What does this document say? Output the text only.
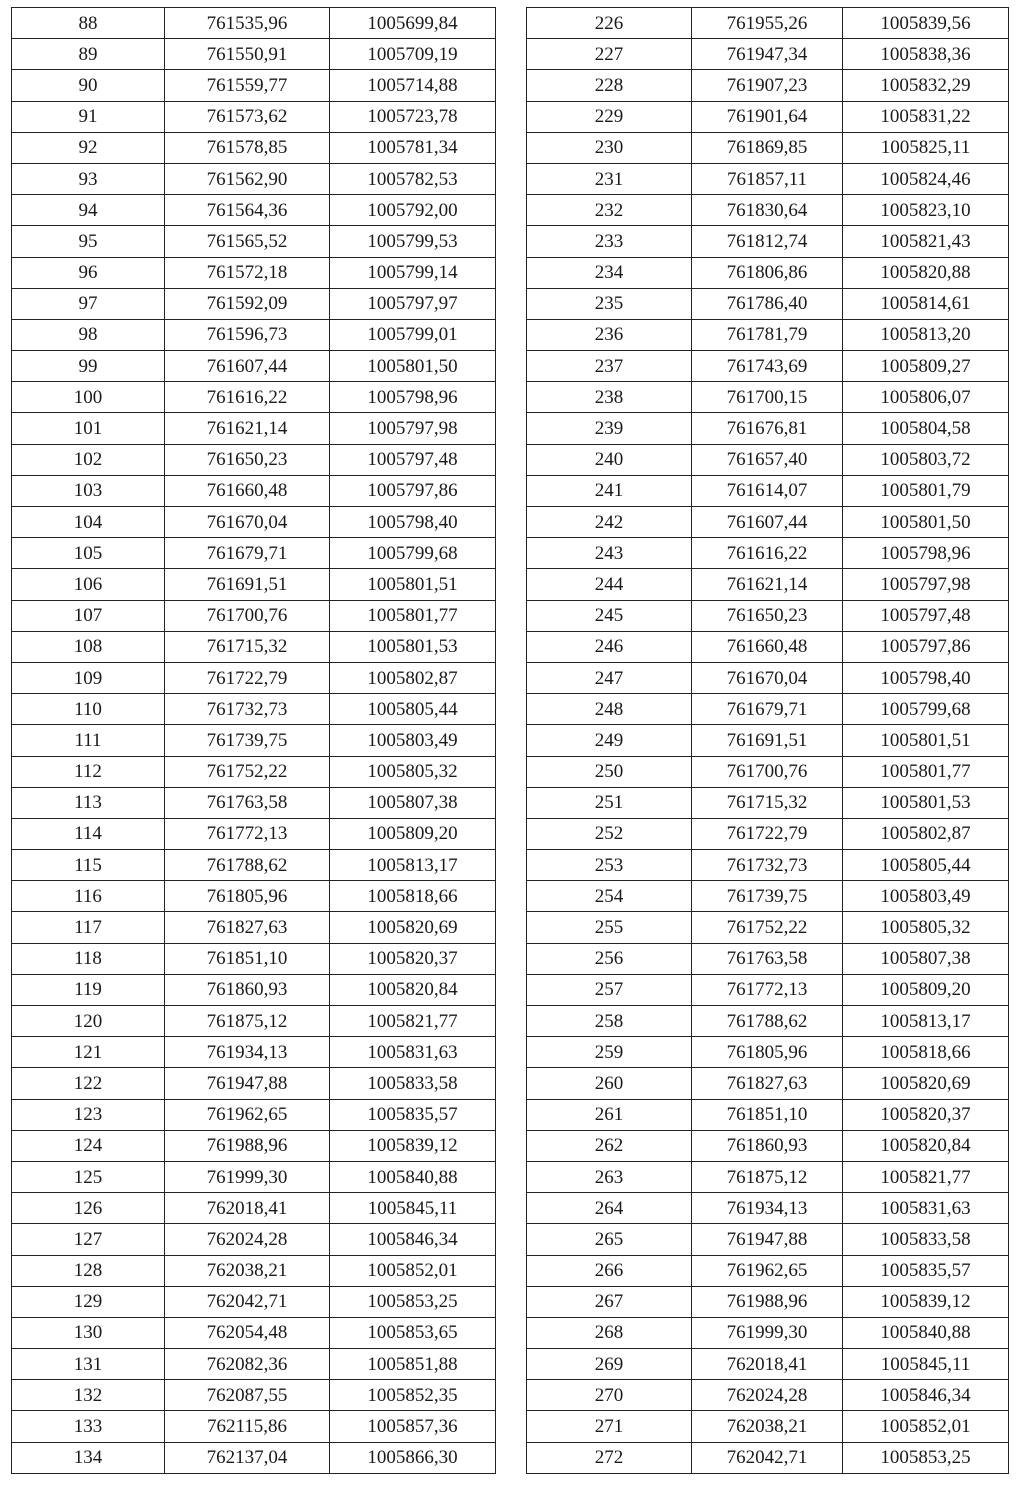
88	761535,96	1005699,84
89	761550,91	1005709,19
90	761559,77	1005714,88
91	761573,62	1005723,78
92	761578,85	1005781,34
93	761562,90	1005782,53
94	761564,36	1005792,00
95	761565,52	1005799,53
96	761572,18	1005799,14
97	761592,09	1005797,97
98	761596,73	1005799,01
99	761607,44	1005801,50
100	761616,22	1005798,96
101	761621,14	1005797,98
102	761650,23	1005797,48
103	761660,48	1005797,86
104	761670,04	1005798,40
105	761679,71	1005799,68
106	761691,51	1005801,51
107	761700,76	1005801,77
108	761715,32	1005801,53
109	761722,79	1005802,87
110	761732,73	1005805,44
111	761739,75	1005803,49
112	761752,22	1005805,32
113	761763,58	1005807,38
114	761772,13	1005809,20
115	761788,62	1005813,17
116	761805,96	1005818,66
117	761827,63	1005820,69
118	761851,10	1005820,37
119	761860,93	1005820,84
120	761875,12	1005821,77
121	761934,13	1005831,63
122	761947,88	1005833,58
123	761962,65	1005835,57
124	761988,96	1005839,12
125	761999,30	1005840,88
126	762018,41	1005845,11
127	762024,28	1005846,34
128	762038,21	1005852,01
129	762042,71	1005853,25
130	762054,48	1005853,65
131	762082,36	1005851,88
132	762087,55	1005852,35
133	762115,86	1005857,36
134	762137,04	1005866,30
226	761955,26	1005839,56
227	761947,34	1005838,36
228	761907,23	1005832,29
229	761901,64	1005831,22
230	761869,85	1005825,11
231	761857,11	1005824,46
232	761830,64	1005823,10
233	761812,74	1005821,43
234	761806,86	1005820,88
235	761786,40	1005814,61
236	761781,79	1005813,20
237	761743,69	1005809,27
238	761700,15	1005806,07
239	761676,81	1005804,58
240	761657,40	1005803,72
241	761614,07	1005801,79
242	761607,44	1005801,50
243	761616,22	1005798,96
244	761621,14	1005797,98
245	761650,23	1005797,48
246	761660,48	1005797,86
247	761670,04	1005798,40
248	761679,71	1005799,68
249	761691,51	1005801,51
250	761700,76	1005801,77
251	761715,32	1005801,53
252	761722,79	1005802,87
253	761732,73	1005805,44
254	761739,75	1005803,49
255	761752,22	1005805,32
256	761763,58	1005807,38
257	761772,13	1005809,20
258	761788,62	1005813,17
259	761805,96	1005818,66
260	761827,63	1005820,69
261	761851,10	1005820,37
262	761860,93	1005820,84
263	761875,12	1005821,77
264	761934,13	1005831,63
265	761947,88	1005833,58
266	761962,65	1005835,57
267	761988,96	1005839,12
268	761999,30	1005840,88
269	762018,41	1005845,11
270	762024,28	1005846,34
271	762038,21	1005852,01
272	762042,71	1005853,25
